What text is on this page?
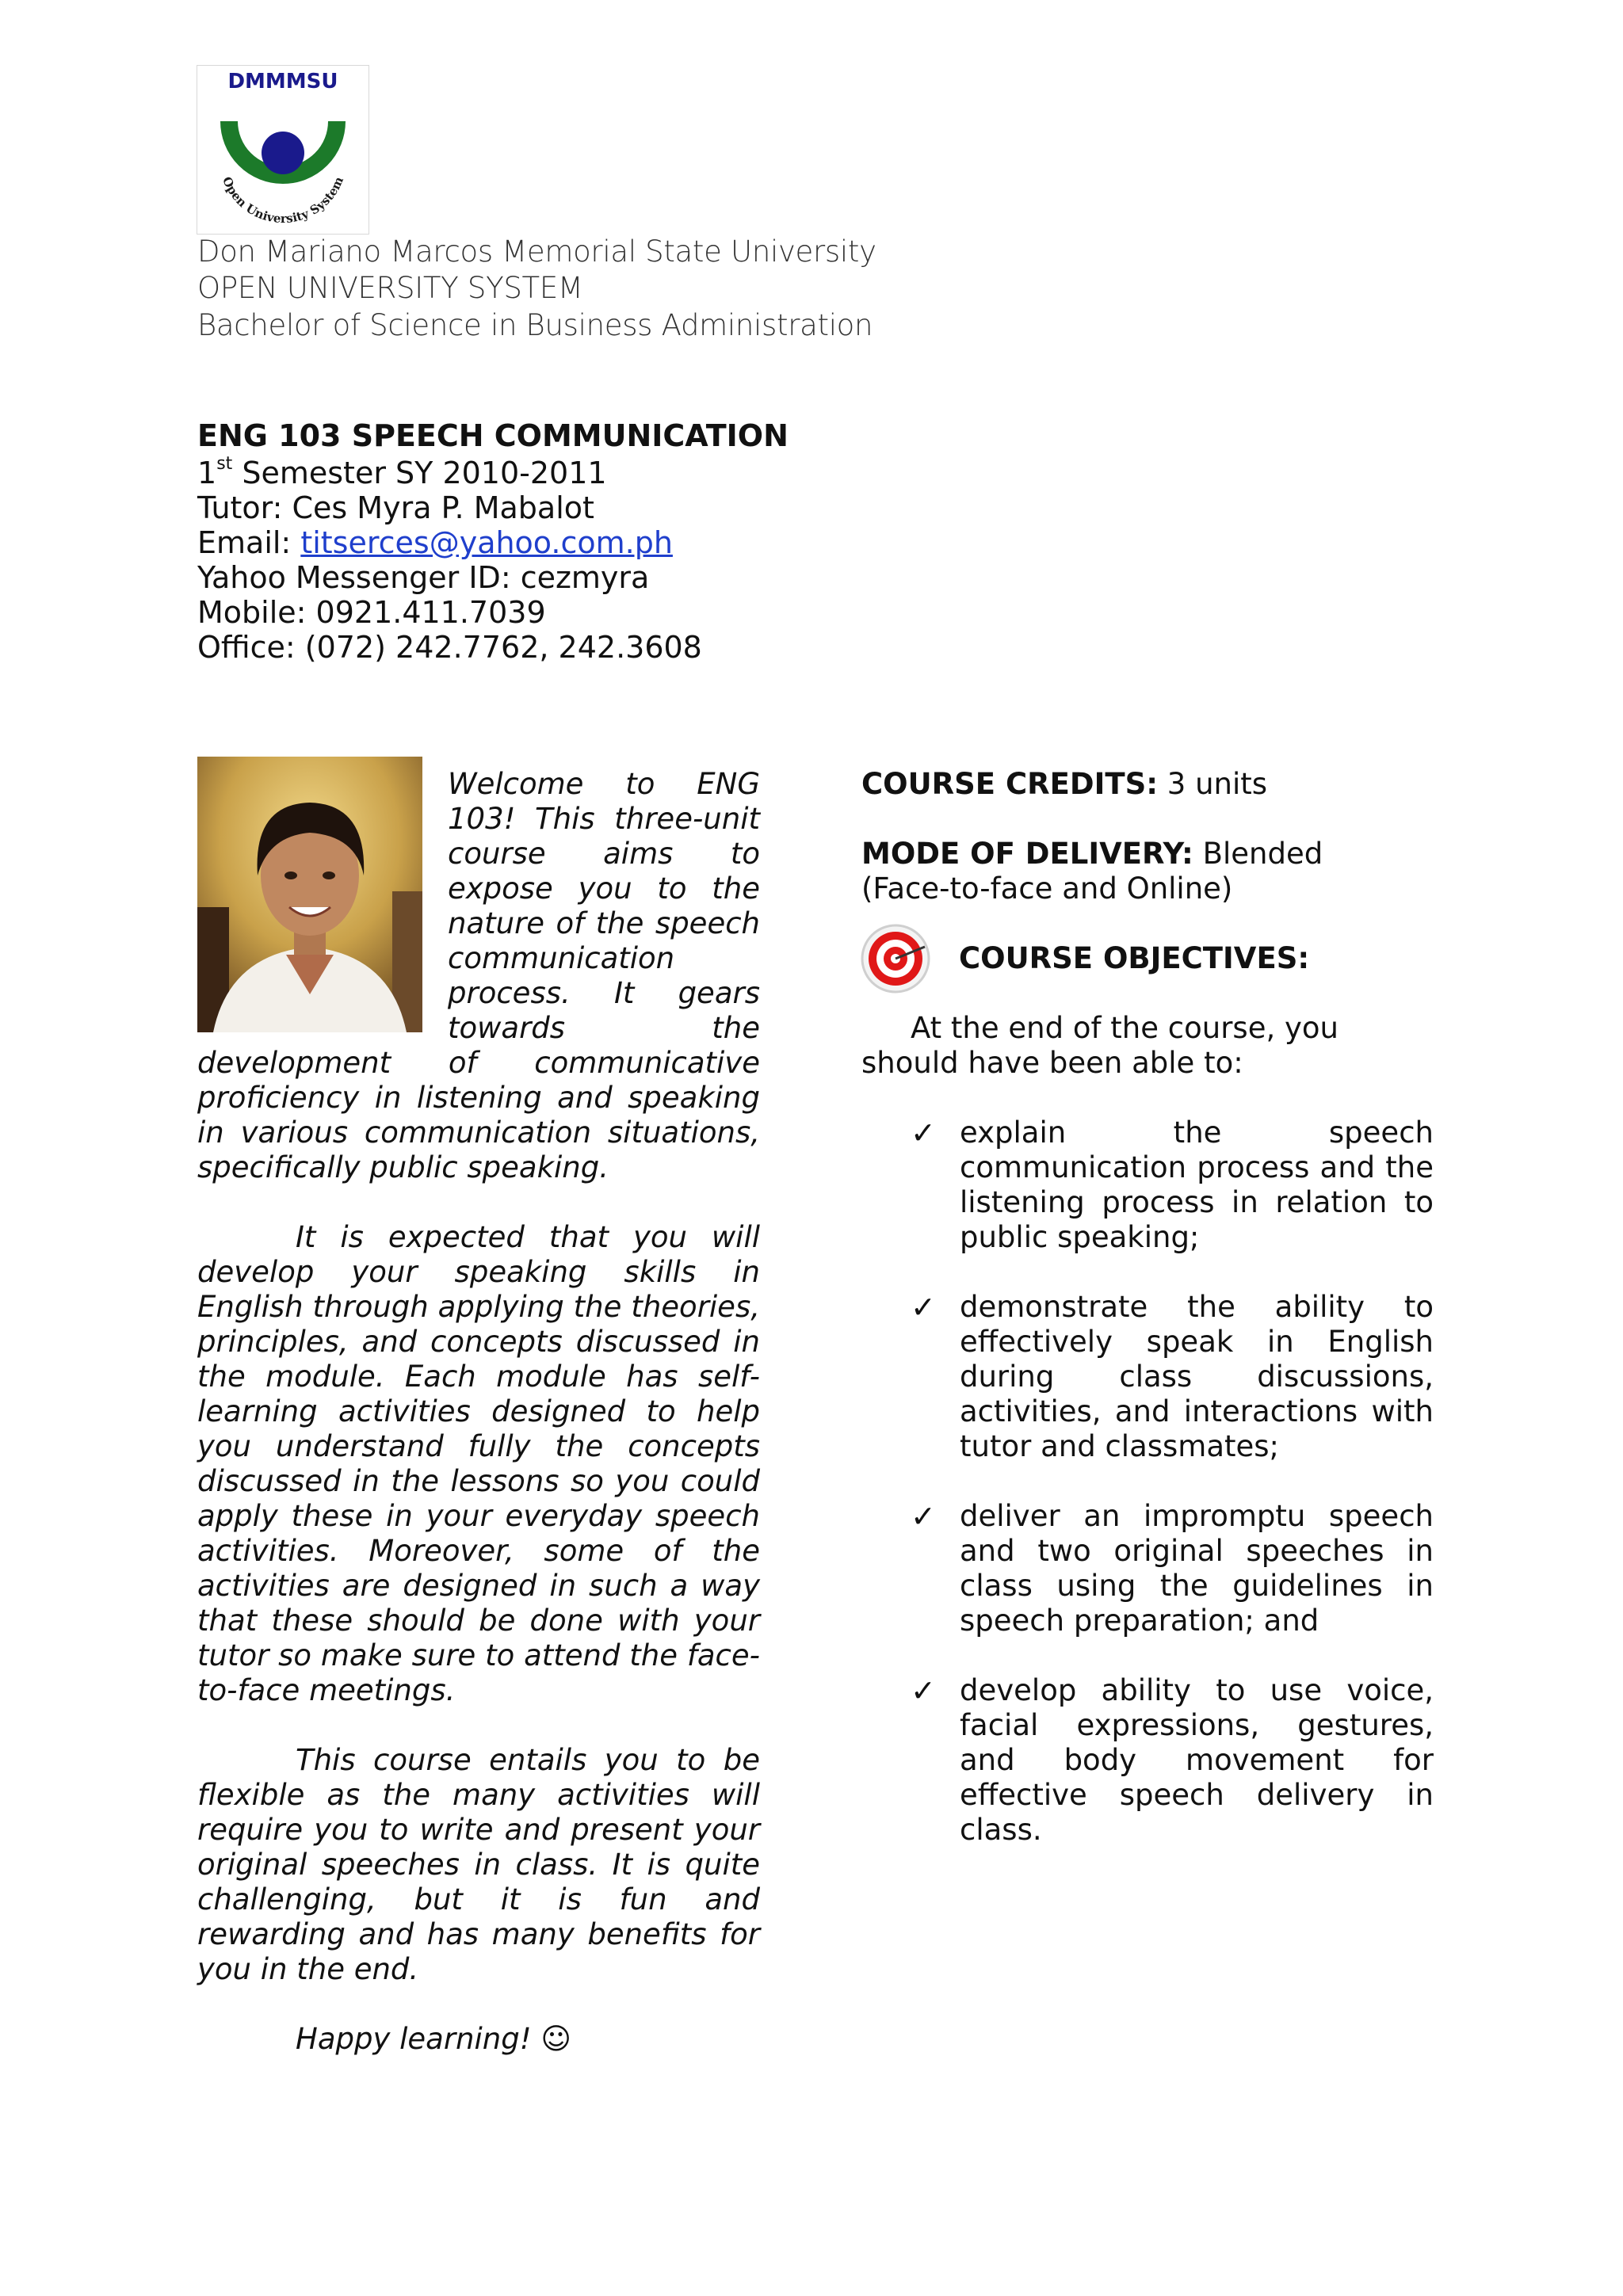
DMMMSU
Open University System
Don Mariano Marcos Memorial State University
OPEN UNIVERSITY SYSTEM
Bachelor of Science in Business Administration
ENG 103 SPEECH COMMUNICATION
1st Semester SY 2010-2011
Tutor: Ces Myra P. Mabalot
Email: titserces@yahoo.com.ph
Yahoo Messenger ID: cezmyra
Mobile: 0921.411.7039
Office: (072) 242.7762, 242.3608

Welcome to ENG 103! This three-unit course aims to expose you to the nature of the speech communication process. It gears towards the development of communicative proficiency in listening and speaking in various communication situations, specifically public speaking.

It is expected that you will develop your speaking skills in English through applying the theories, principles, and concepts discussed in the module. Each module has self-learning activities designed to help you understand fully the concepts discussed in the lessons so you could apply these in your everyday speech activities. Moreover, some of the activities are designed in such a way that these should be done with your tutor so make sure to attend the face-to-face meetings.

This course entails you to be flexible as the many activities will require you to write and present your original speeches in class. It is quite challenging, but it is fun and rewarding and has many benefits for you in the end.

Happy learning! ☺

COURSE CREDITS: 3 units
MODE OF DELIVERY: Blended (Face-to-face and Online)
COURSE OBJECTIVES:
At the end of the course, you should have been able to:
✓ explain the speech communication process and the listening process in relation to public speaking;
✓ demonstrate the ability to effectively speak in English during class discussions, activities, and interactions with tutor and classmates;
✓ deliver an impromptu speech and two original speeches in class using the guidelines in speech preparation; and
✓ develop ability to use voice, facial expressions, gestures, and body movement for effective speech delivery in class.
